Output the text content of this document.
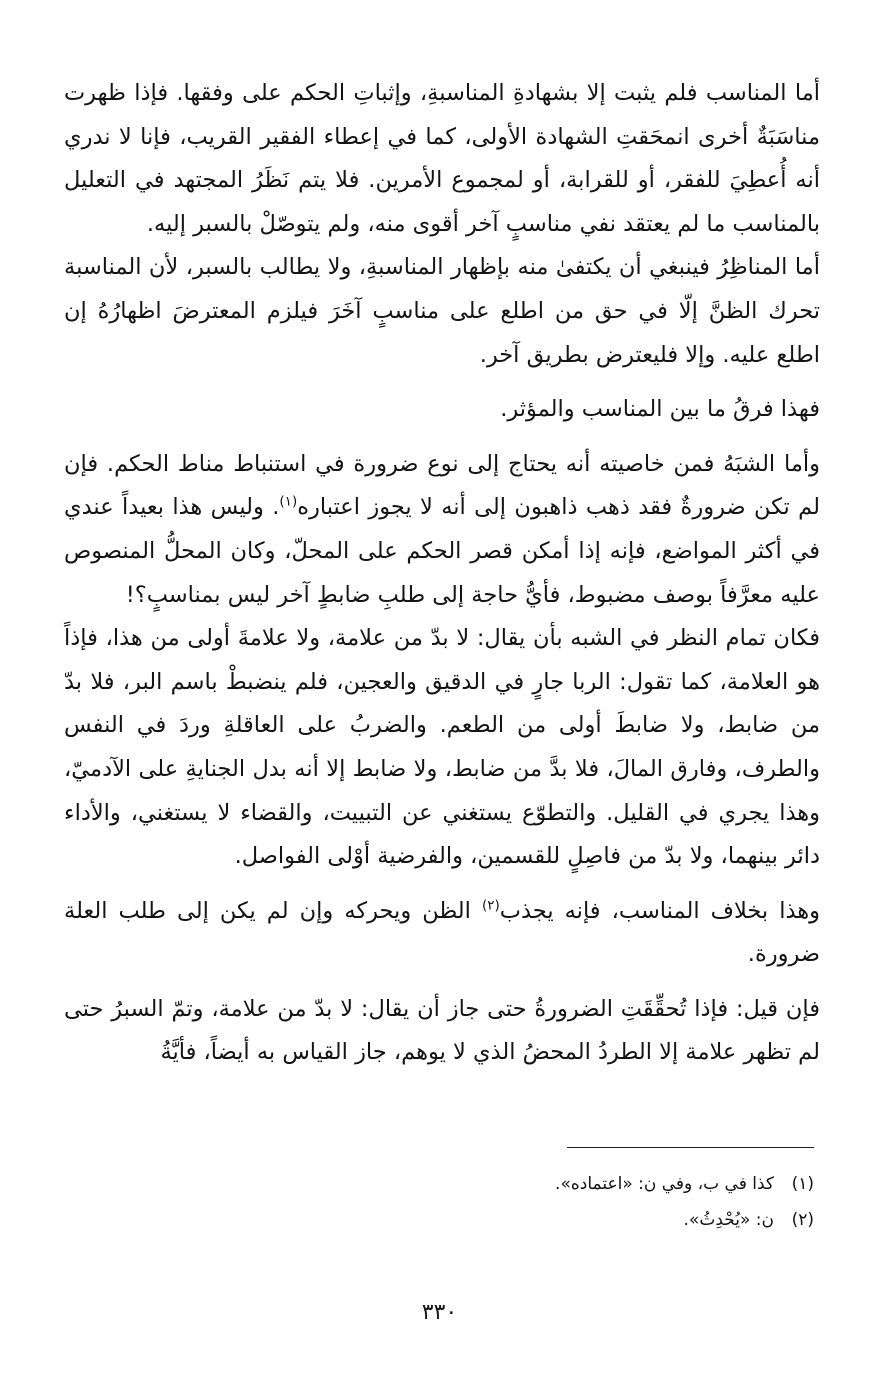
أما المناسب فلم يثبت إلا بشهادةِ المناسبةِ، وإثباتِ الحكم على وفقها. فإذا ظهرت مناسَبَةٌ أخرى انمحَقتِ الشهادة الأولى، كما في إعطاء الفقير القريب، فإنا لا ندري أنه أُعطِيَ للفقر، أو للقرابة، أو لمجموع الأمرين. فلا يتم نَظَرُ المجتهد في التعليل بالمناسب ما لم يعتقد نفي مناسبٍ آخر أقوى منه، ولم يتوصّلْ بالسبر إليه.

أما المناظِرُ فينبغي أن يكتفىٰ منه بإظهار المناسبةِ، ولا يطالب بالسبر، لأن المناسبة تحرك الظنَّ إلّا في حق من اطلع على مناسبٍ آخَرَ فيلزم المعترضَ اظهارُهُ إن اطلع عليه. وإلا فليعترض بطريق آخر.

فهذا فرقُ ما بين المناسب والمؤثر.

وأما الشبَهُ فمن خاصيته أنه يحتاج إلى نوع ضرورة في استنباط مناط الحكم. فإن لم تكن ضرورةٌ فقد ذهب ذاهبون إلى أنه لا يجوز اعتباره$^{(١)}$. وليس هذا بعيداً عندي في أكثر المواضع، فإنه إذا أمكن قصر الحكم على المحلّ، وكان المحلُّ المنصوص عليه معرَّفاً بوصف مضبوط، فأيُّ حاجة إلى طلبِ ضابطٍ آخر ليس بمناسبٍ؟!

فكان تمام النظر في الشبه بأن يقال: لا بدّ من علامة، ولا علامةَ أولى من هذا، فإذاً هو العلامة، كما تقول: الربا جارٍ في الدقيق والعجين، فلم ينضبطْ باسم البر، فلا بدّ من ضابط، ولا ضابطَ أولى من الطعم. والضربُ على العاقلةِ وردَ في النفس والطرف، وفارق المالَ، فلا بدَّ من ضابط، ولا ضابط إلا أنه بدل الجنايةِ على الآدميّ، وهذا يجري في القليل. والتطوّع يستغني عن التبييت، والقضاء لا يستغني، والأداء دائر بينهما، ولا بدّ من فاصِلٍ للقسمين، والفرضية أوْلى الفواصل.

وهذا بخلاف المناسب، فإنه يجذب$^{(٢)}$ الظن ويحركه وإن لم يكن إلى طلب العلة ضرورة.

فإن قيل: فإذا تُحقِّقَتِ الضرورةُ حتى جاز أن يقال: لا بدّ من علامة، وتمّ السبرُ حتى لم تظهر علامة إلا الطردُ المحضُ الذي لا يوهم، جاز القياس به أيضاً، فأيَّةُ

(١)كذا في ب، وفي ن: «اعتماده».

(٢)ن: «يُحْدِثُ».

٣٣٠
